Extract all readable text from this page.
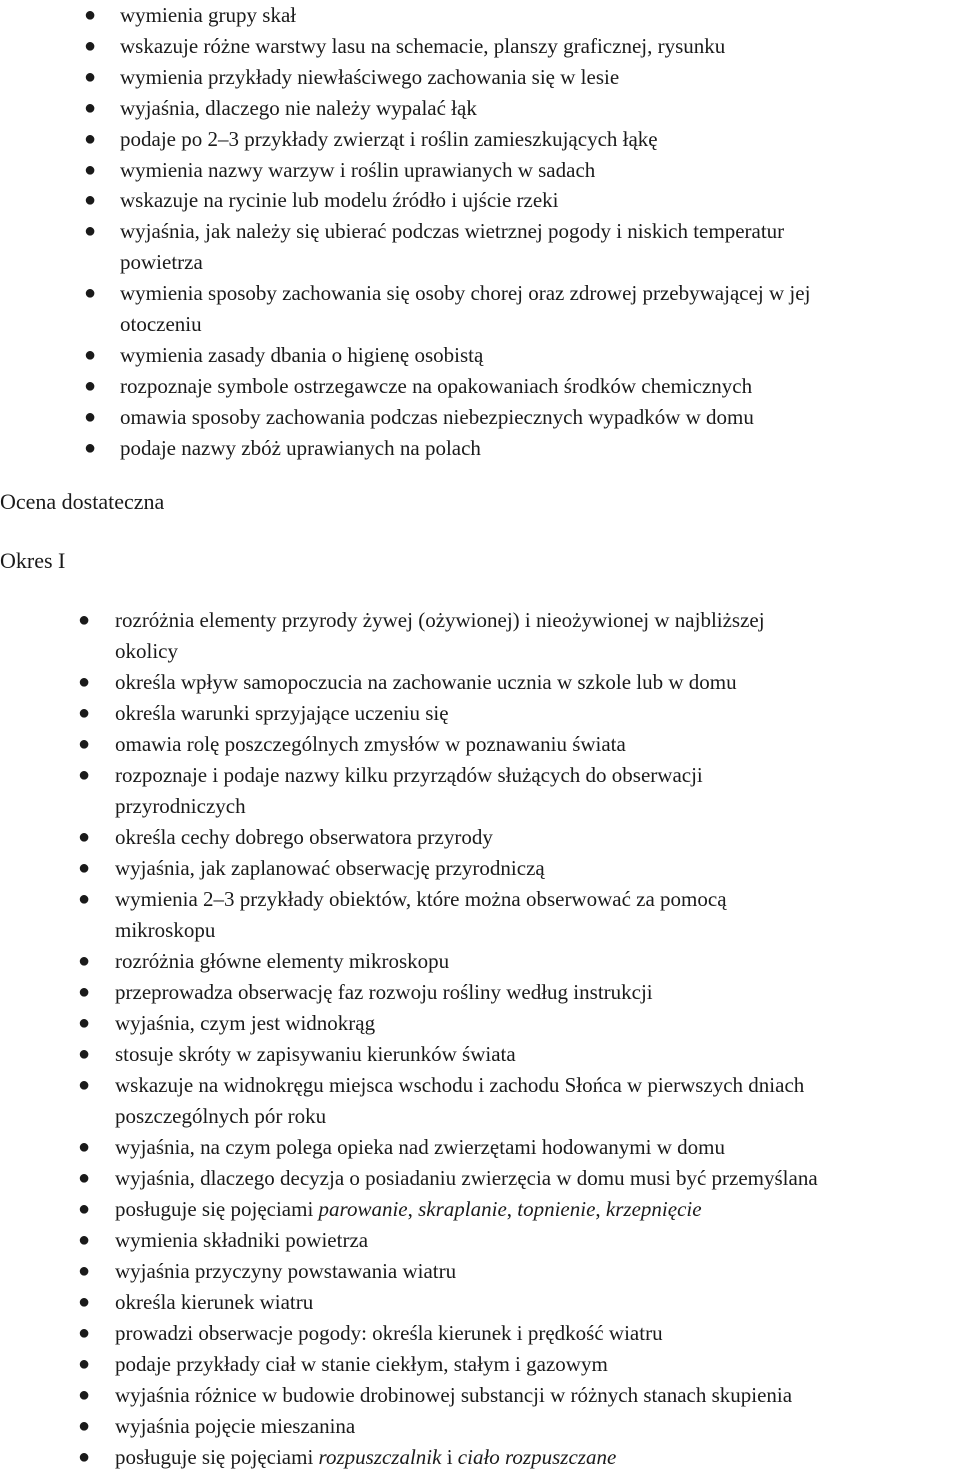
● wymienia grupy skał
● wskazuje różne warstwy lasu na schemacie, planszy graficznej, rysunku
● wymienia przykłady niewłaściwego zachowania się w lesie
● wyjaśnia, dlaczego nie należy wypalać łąk
● podaje po 2–3 przykłady zwierząt i roślin zamieszkujących łąkę
● wymienia nazwy warzyw i roślin uprawianych w sadach
● wskazuje na rycinie lub modelu źródło i ujście rzeki
● wyjaśnia, jak należy się ubierać podczas wietrznej pogody i niskich temperatur
powietrza
● wymienia sposoby zachowania się osoby chorej oraz zdrowej przebywającej w jej
otoczeniu
● wymienia zasady dbania o higienę osobistą
● rozpoznaje symbole ostrzegawcze na opakowaniach środków chemicznych
● omawia sposoby zachowania podczas niebezpiecznych wypadków w domu
● podaje nazwy zbóż uprawianych na polach
Ocena dostateczna
Okres I
● rozróżnia elementy przyrody żywej (ożywionej) i nieożywionej w najbliższej
okolicy
● określa wpływ samopoczucia na zachowanie ucznia w szkole lub w domu
● określa warunki sprzyjające uczeniu się
● omawia rolę poszczególnych zmysłów w poznawaniu świata
● rozpoznaje i podaje nazwy kilku przyrządów służących do obserwacji
przyrodniczych
● określa cechy dobrego obserwatora przyrody
● wyjaśnia, jak zaplanować obserwację przyrodniczą
● wymienia 2–3 przykłady obiektów, które można obserwować za pomocą
mikroskopu
● rozróżnia główne elementy mikroskopu
● przeprowadza obserwację faz rozwoju rośliny według instrukcji
● wyjaśnia, czym jest widnokrąg
● stosuje skróty w zapisywaniu kierunków świata
● wskazuje na widnokręgu miejsca wschodu i zachodu Słońca w pierwszych dniach
poszczególnych pór roku
● wyjaśnia, na czym polega opieka nad zwierzętami hodowanymi w domu
● wyjaśnia, dlaczego decyzja o posiadaniu zwierzęcia w domu musi być przemyślana
● posługuje się pojęciami parowanie, skraplanie, topnienie, krzepnięcie
● wymienia składniki powietrza
● wyjaśnia przyczyny powstawania wiatru
● określa kierunek wiatru
● prowadzi obserwacje pogody: określa kierunek i prędkość wiatru
● podaje przykłady ciał w stanie ciekłym, stałym i gazowym
● wyjaśnia różnice w budowie drobinowej substancji w różnych stanach skupienia
● wyjaśnia pojęcie mieszanina
● posługuje się pojęciami rozpuszczalnik i ciało rozpuszczane
